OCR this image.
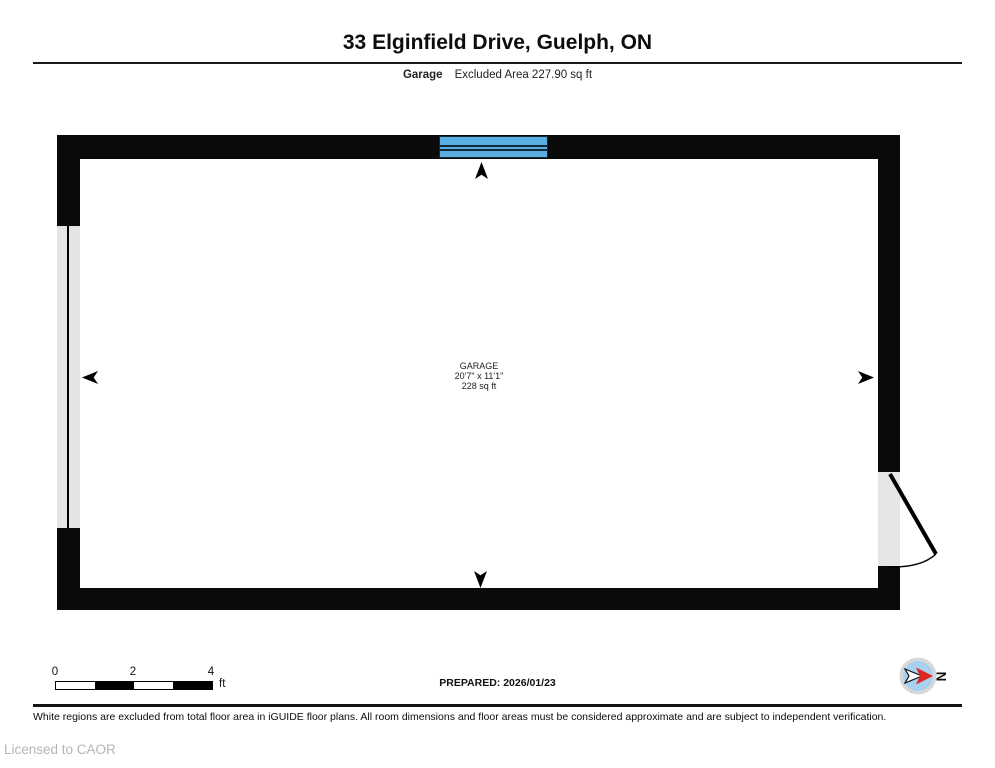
33 Elginfield Drive, Guelph, ON
Garage Excluded Area 227.90 sq ft
GARAGE
20'7" x 11'1"
228 sq ft
0	2	4
ft	PREPARED: 2026/01/23
N
White regions are excluded from total floor area in iGUIDE floor plans. All room dimensions and floor areas must be considered approximate and are subject to independent verification.
Licensed to CAOR
